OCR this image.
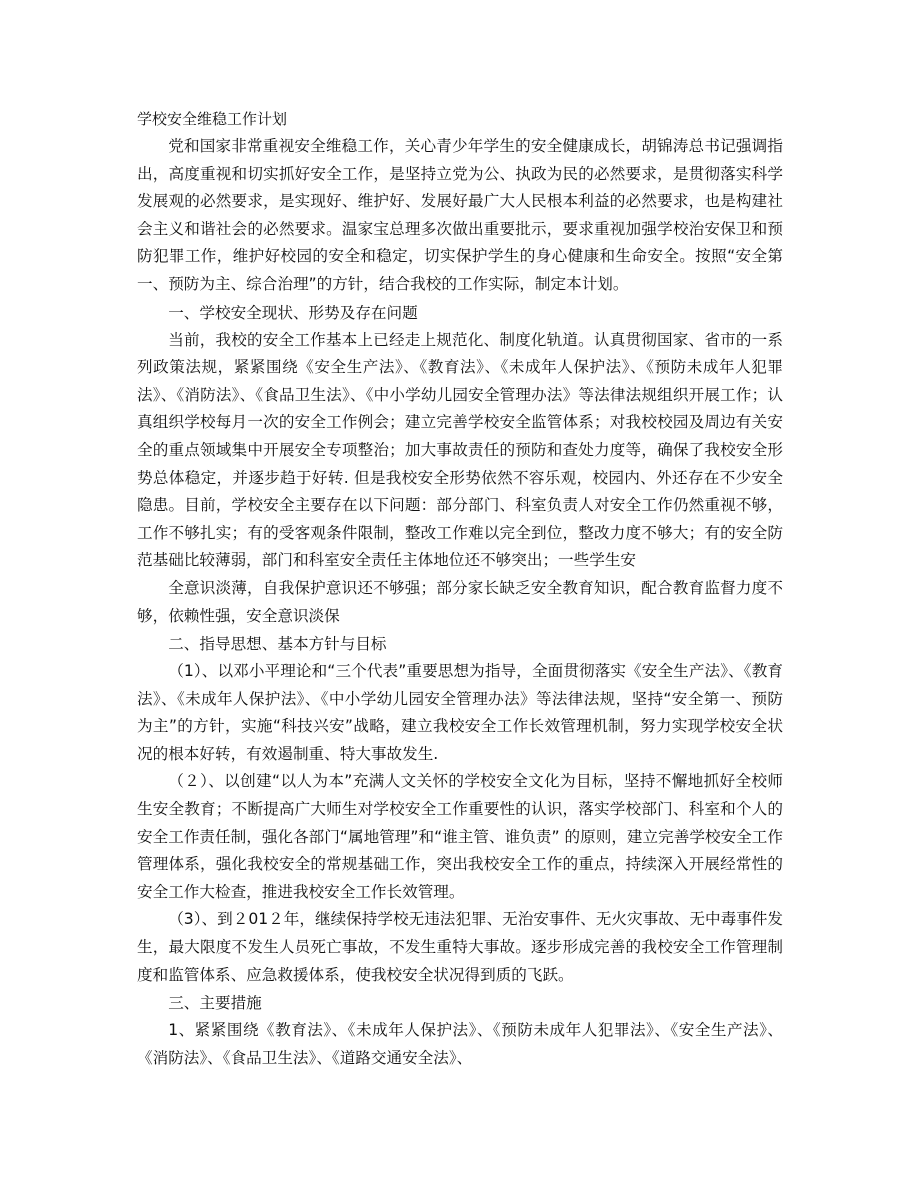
学校安全维稳工作计划

党和国家非常重视安全维稳工作，关心青少年学生的安全健康成长，胡锦涛总书记强调指出，高度重视和切实抓好安全工作，是坚持立党为公、执政为民的必然要求，是贯彻落实科学发展观的必然要求，是实现好、维护好、发展好最广大人民根本利益的必然要求，也是构建社会主义和谐社会的必然要求。温家宝总理多次做出重要批示，要求重视加强学校治安保卫和预防犯罪工作，维护好校园的安全和稳定，切实保护学生的身心健康和生命安全。按照“安全第一、预防为主、综合治理”的方针，结合我校的工作实际，制定本计划。

一、学校安全现状、形势及存在问题

当前，我校的安全工作基本上已经走上规范化、制度化轨道。认真贯彻国家、省市的一系列政策法规，紧紧围绕《安全生产法》、《教育法》、《未成年人保护法》、《预防未成年人犯罪法》、《消防法》、《食品卫生法》、《中小学幼儿园安全管理办法》等法律法规组织开展工作；认真组织学校每月一次的安全工作例会；建立完善学校安全监管体系；对我校校园及周边有关安全的重点领域集中开展安全专项整治；加大事故责任的预防和查处力度等，确保了我校安全形势总体稳定，并逐步趋于好转. 但是我校安全形势依然不容乐观，校园内、外还存在不少安全隐患。目前，学校安全主要存在以下问题：部分部门、科室负责人对安全工作仍然重视不够，工作不够扎实；有的受客观条件限制，整改工作难以完全到位，整改力度不够大；有的安全防范基础比较薄弱，部门和科室安全责任主体地位还不够突出；一些学生安

全意识淡薄，自我保护意识还不够强；部分家长缺乏安全教育知识，配合教育监督力度不够，依赖性强，安全意识淡保

二、指导思想、基本方针与目标

（1）、以邓小平理论和“三个代表”重要思想为指导，全面贯彻落实《安全生产法》、《教育法》、《未成年人保护法》、《中小学幼儿园安全管理办法》等法律法规，坚持“安全第一、预防为主”的方针，实施“科技兴安”战略，建立我校安全工作长效管理机制，努力实现学校安全状况的根本好转，有效遏制重、特大事故发生.

（２）、以创建“以人为本”充满人文关怀的学校安全文化为目标，坚持不懈地抓好全校师生安全教育；不断提高广大师生对学校安全工作重要性的认识，落实学校部门、科室和个人的安全工作责任制，强化各部门“属地管理”和“谁主管、谁负责” 的原则，建立完善学校安全工作管理体系，强化我校安全的常规基础工作，突出我校安全工作的重点，持续深入开展经常性的安全工作大检查，推进我校安全工作长效管理。

（3）、到２01２年，继续保持学校无违法犯罪、无治安事件、无火灾事故、无中毒事件发生，最大限度不发生人员死亡事故，不发生重特大事故。逐步形成完善的我校安全工作管理制度和监管体系、应急救援体系，使我校安全状况得到质的飞跃。

三、主要措施

1、紧紧围绕《教育法》、《未成年人保护法》、《预防未成年人犯罪法》、《安全生产法》、《消防法》、《食品卫生法》、《道路交通安全法》、
